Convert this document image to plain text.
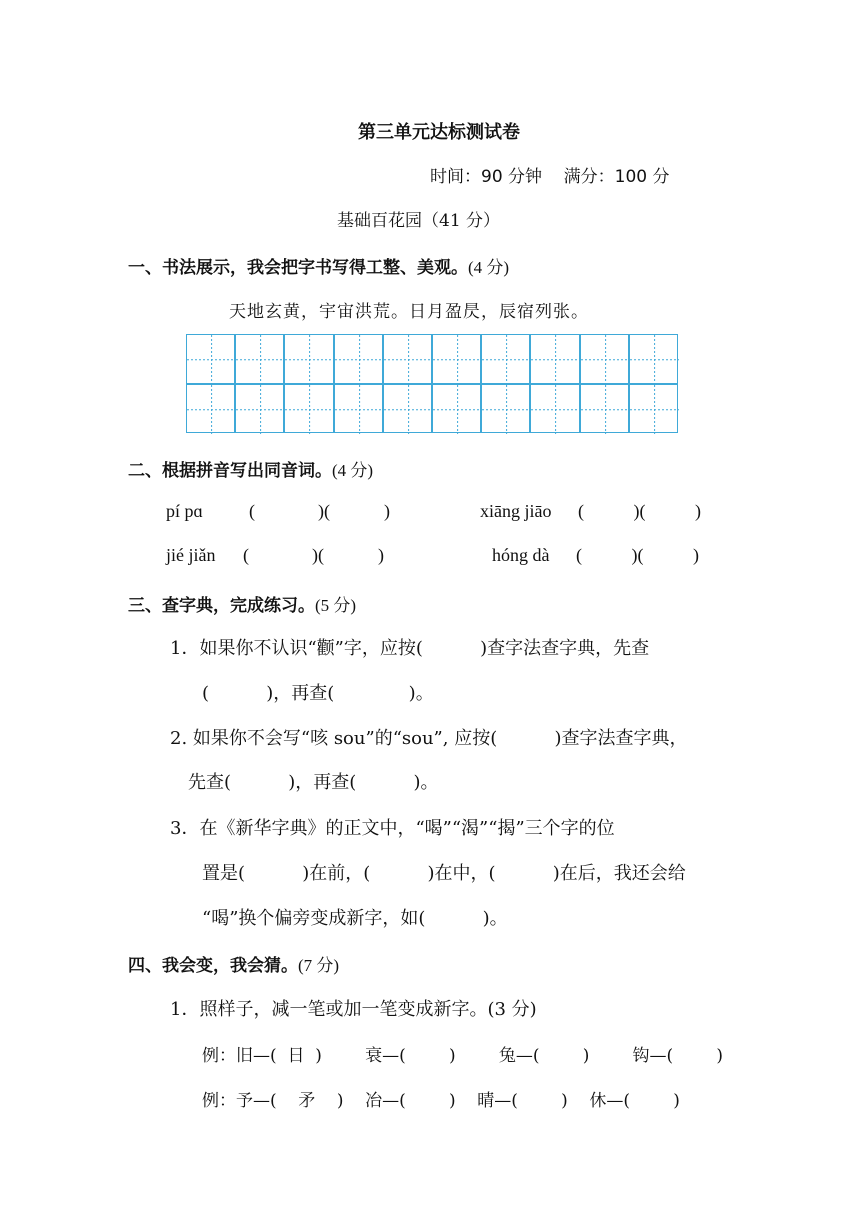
第三单元达标测试卷
时间：90 分钟    满分：100 分
基础百花园（41 分）
一、书法展示，我会把字书写得工整、美观。(4 分)
天地玄黄，宇宙洪荒。日月盈昃，辰宿列张。
二、根据拼音写出同音词。(4 分)
pí pɑ	(              )(            )	xiāng jiāo (           )(           )
jié jiǎn (              )(            )	hóng dà (           )(           )
三、查字典，完成练习。(5 分)
1．如果你不认识“颧”字，应按(          )查字法查字典，先查
(          )，再查(             )。
2. 如果你不会写“咳 sou”的“sou”, 应按(          )查字法查字典，
先查(          )，再查(          )。
3．在《新华字典》的正文中，“喝”“渴”“揭”三个字的位
置是(          )在前，(          )在中，(          )在后，我还会给
“喝”换个偏旁变成新字，如(          )。
四、我会变，我会猜。(7 分)
1．照样子，减一笔或加一笔变成新字。(3 分)
例：旧—(  日  )        衰—(        )        兔—(        )        钩—(        )
例：予—(    矛    )    冶—(        )    晴—(        )    休—(        )
